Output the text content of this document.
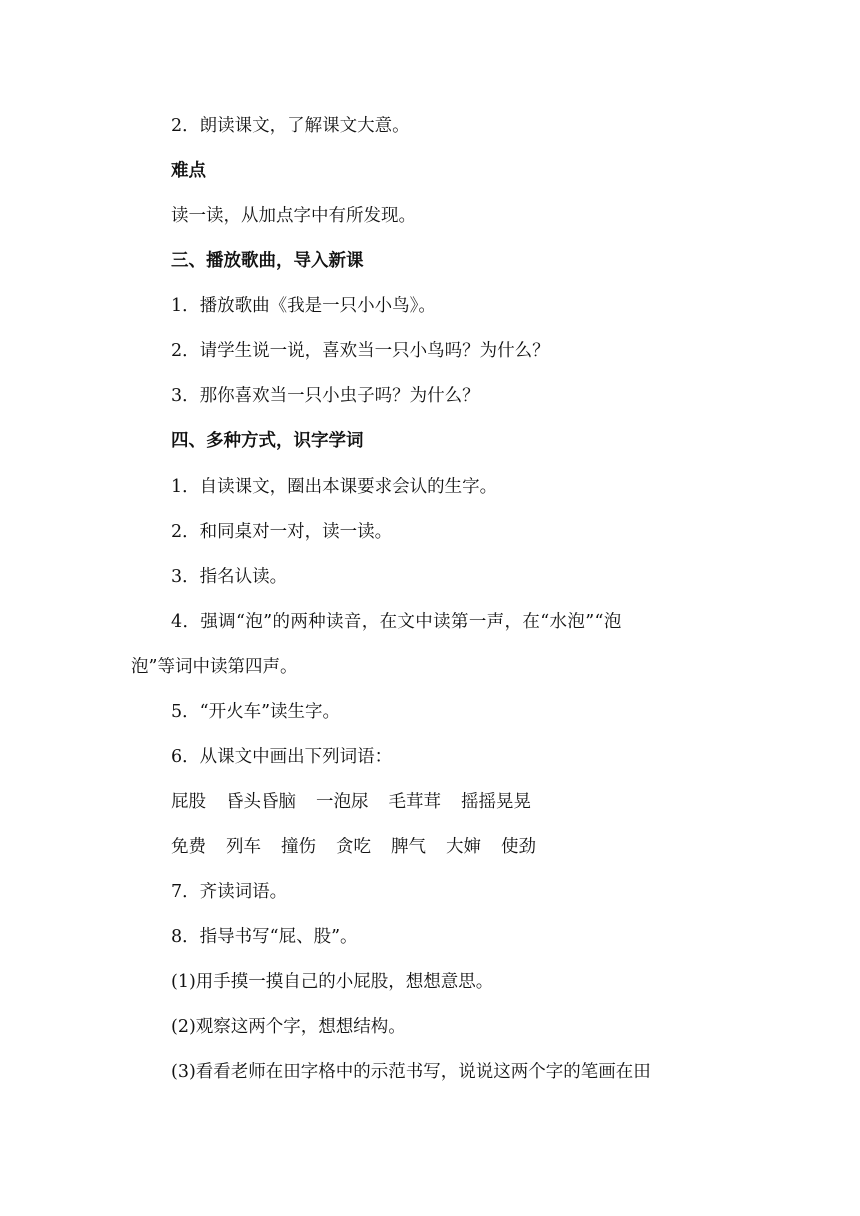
2．朗读课文，了解课文大意。
难点
读一读，从加点字中有所发现。
三、播放歌曲，导入新课
1．播放歌曲《我是一只小小鸟》。
2．请学生说一说，喜欢当一只小鸟吗？为什么？
3．那你喜欢当一只小虫子吗？为什么？
四、多种方式，识字学词
1．自读课文，圈出本课要求会认的生字。
2．和同桌对一对，读一读。
3．指名认读。
4．强调“泡”的两种读音，在文中读第一声，在“水泡”“泡
泡”等词中读第四声。
5．“开火车”读生字。
6．从课文中画出下列词语：
屁股 昏头昏脑 一泡尿 毛茸茸 摇摇晃晃
免费 列车 撞伤 贪吃 脾气 大婶 使劲
7．齐读词语。
8．指导书写“屁、股”。
(1)用手摸一摸自己的小屁股，想想意思。
(2)观察这两个字，想想结构。
(3)看看老师在田字格中的示范书写，说说这两个字的笔画在田
